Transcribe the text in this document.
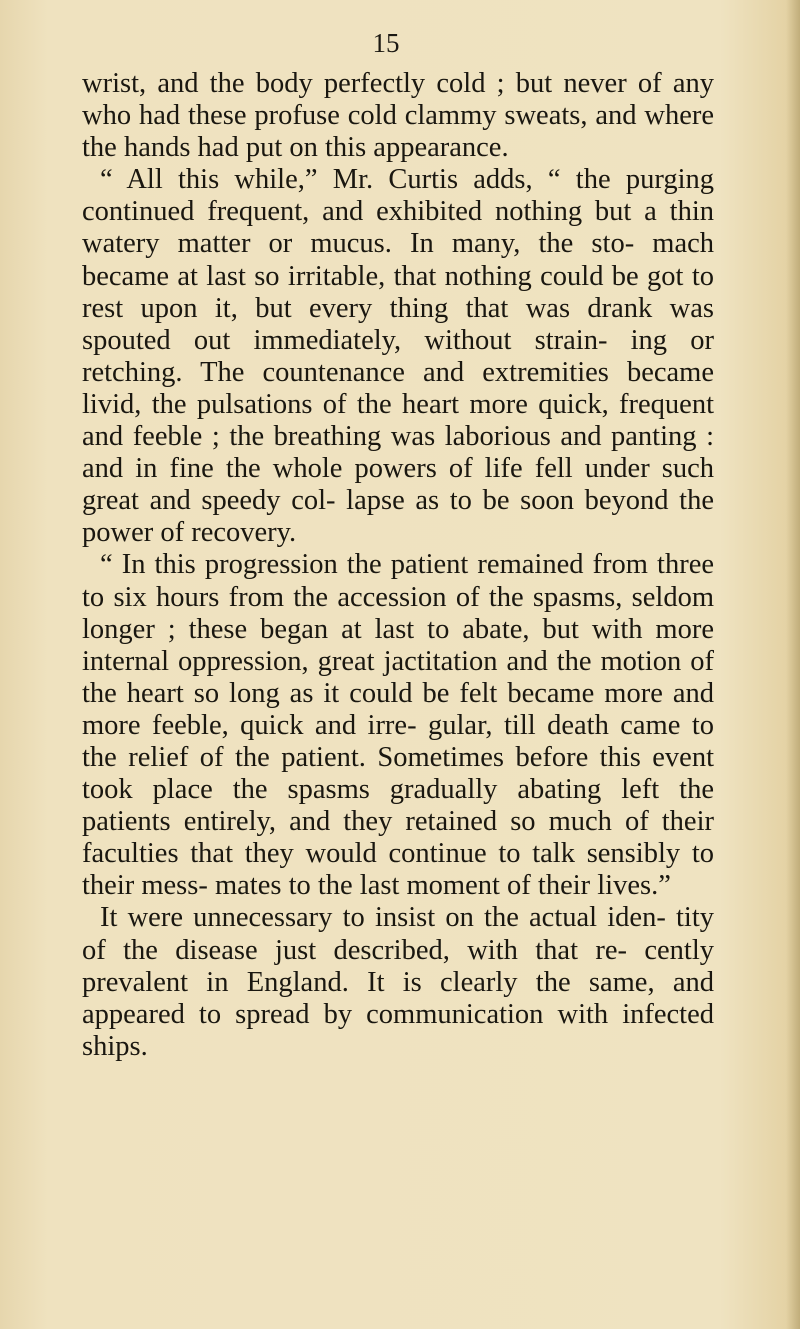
15

wrist, and the body perfectly cold ; but never of any who had these profuse cold clammy sweats, and where the hands had put on this appearance.

“ All this while,” Mr. Curtis adds, “ the purging continued frequent, and exhibited nothing but a thin watery matter or mucus. In many, the sto- mach became at last so irritable, that nothing could be got to rest upon it, but every thing that was drank was spouted out immediately, without strain- ing or retching. The countenance and extremities became livid, the pulsations of the heart more quick, frequent and feeble ; the breathing was laborious and panting : and in fine the whole powers of life fell under such great and speedy col- lapse as to be soon beyond the power of recovery.

“ In this progression the patient remained from three to six hours from the accession of the spasms, seldom longer ; these began at last to abate, but with more internal oppression, great jactitation and the motion of the heart so long as it could be felt became more and more feeble, quick and irre- gular, till death came to the relief of the patient. Sometimes before this event took place the spasms gradually abating left the patients entirely, and they retained so much of their faculties that they would continue to talk sensibly to their mess- mates to the last moment of their lives.”

It were unnecessary to insist on the actual iden- tity of the disease just described, with that re- cently prevalent in England. It is clearly the same, and appeared to spread by communication with infected ships.
